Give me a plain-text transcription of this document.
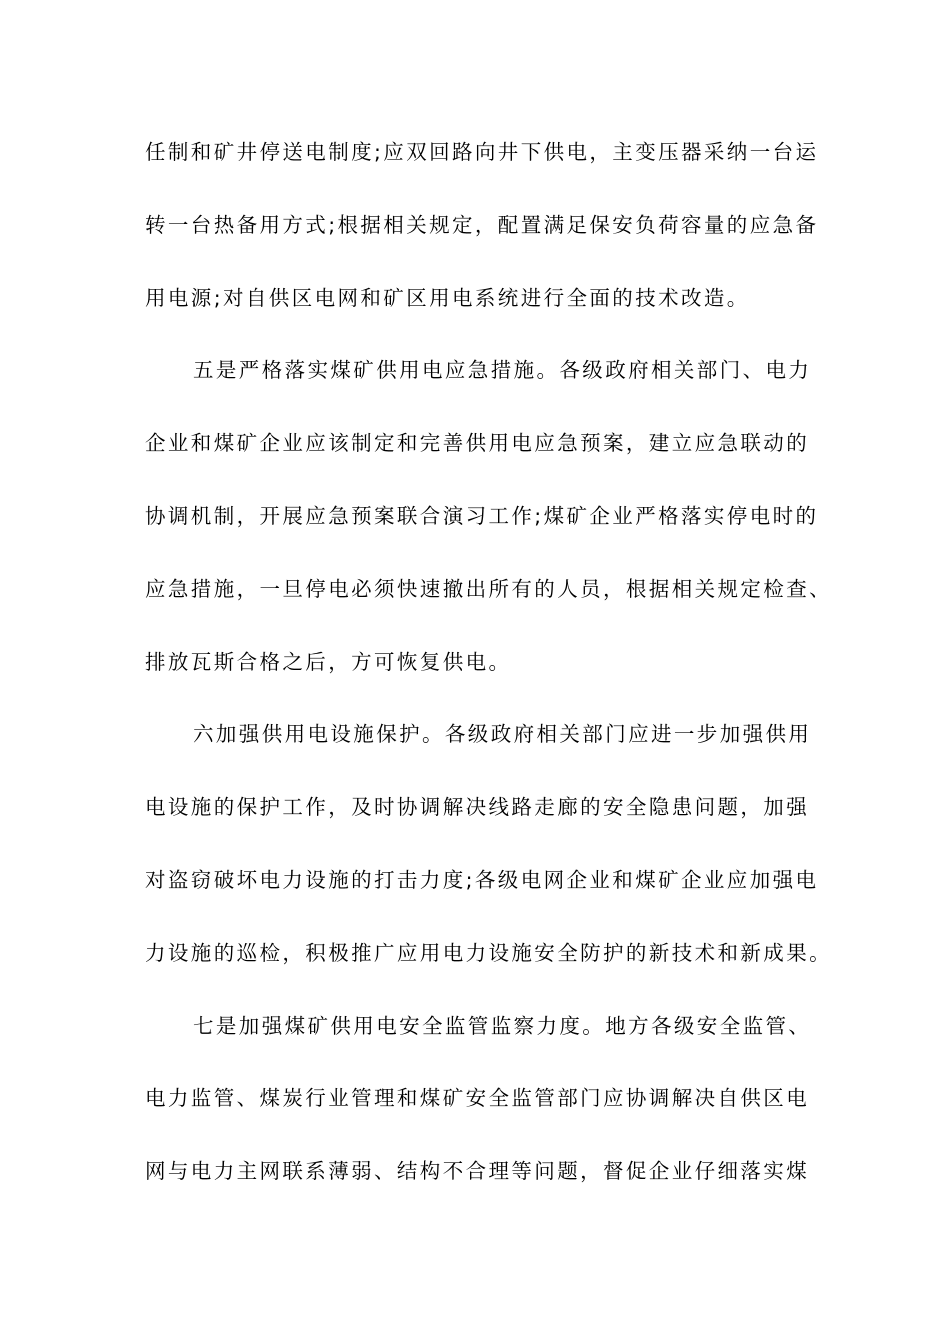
任制和矿井停送电制度;应双回路向井下供电，主变压器采纳一台运
转一台热备用方式;根据相关规定，配置满足保安负荷容量的应急备
用电源;对自供区电网和矿区用电系统进行全面的技术改造。
五是严格落实煤矿供用电应急措施。各级政府相关部门、电力
企业和煤矿企业应该制定和完善供用电应急预案，建立应急联动的
协调机制，开展应急预案联合演习工作;煤矿企业严格落实停电时的
应急措施，一旦停电必须快速撤出所有的人员，根据相关规定检查、
排放瓦斯合格之后，方可恢复供电。
六加强供用电设施保护。各级政府相关部门应进一步加强供用
电设施的保护工作，及时协调解决线路走廊的安全隐患问题，加强
对盗窃破坏电力设施的打击力度;各级电网企业和煤矿企业应加强电
力设施的巡检，积极推广应用电力设施安全防护的新技术和新成果。
七是加强煤矿供用电安全监管监察力度。地方各级安全监管、
电力监管、煤炭行业管理和煤矿安全监管部门应协调解决自供区电
网与电力主网联系薄弱、结构不合理等问题，督促企业仔细落实煤
